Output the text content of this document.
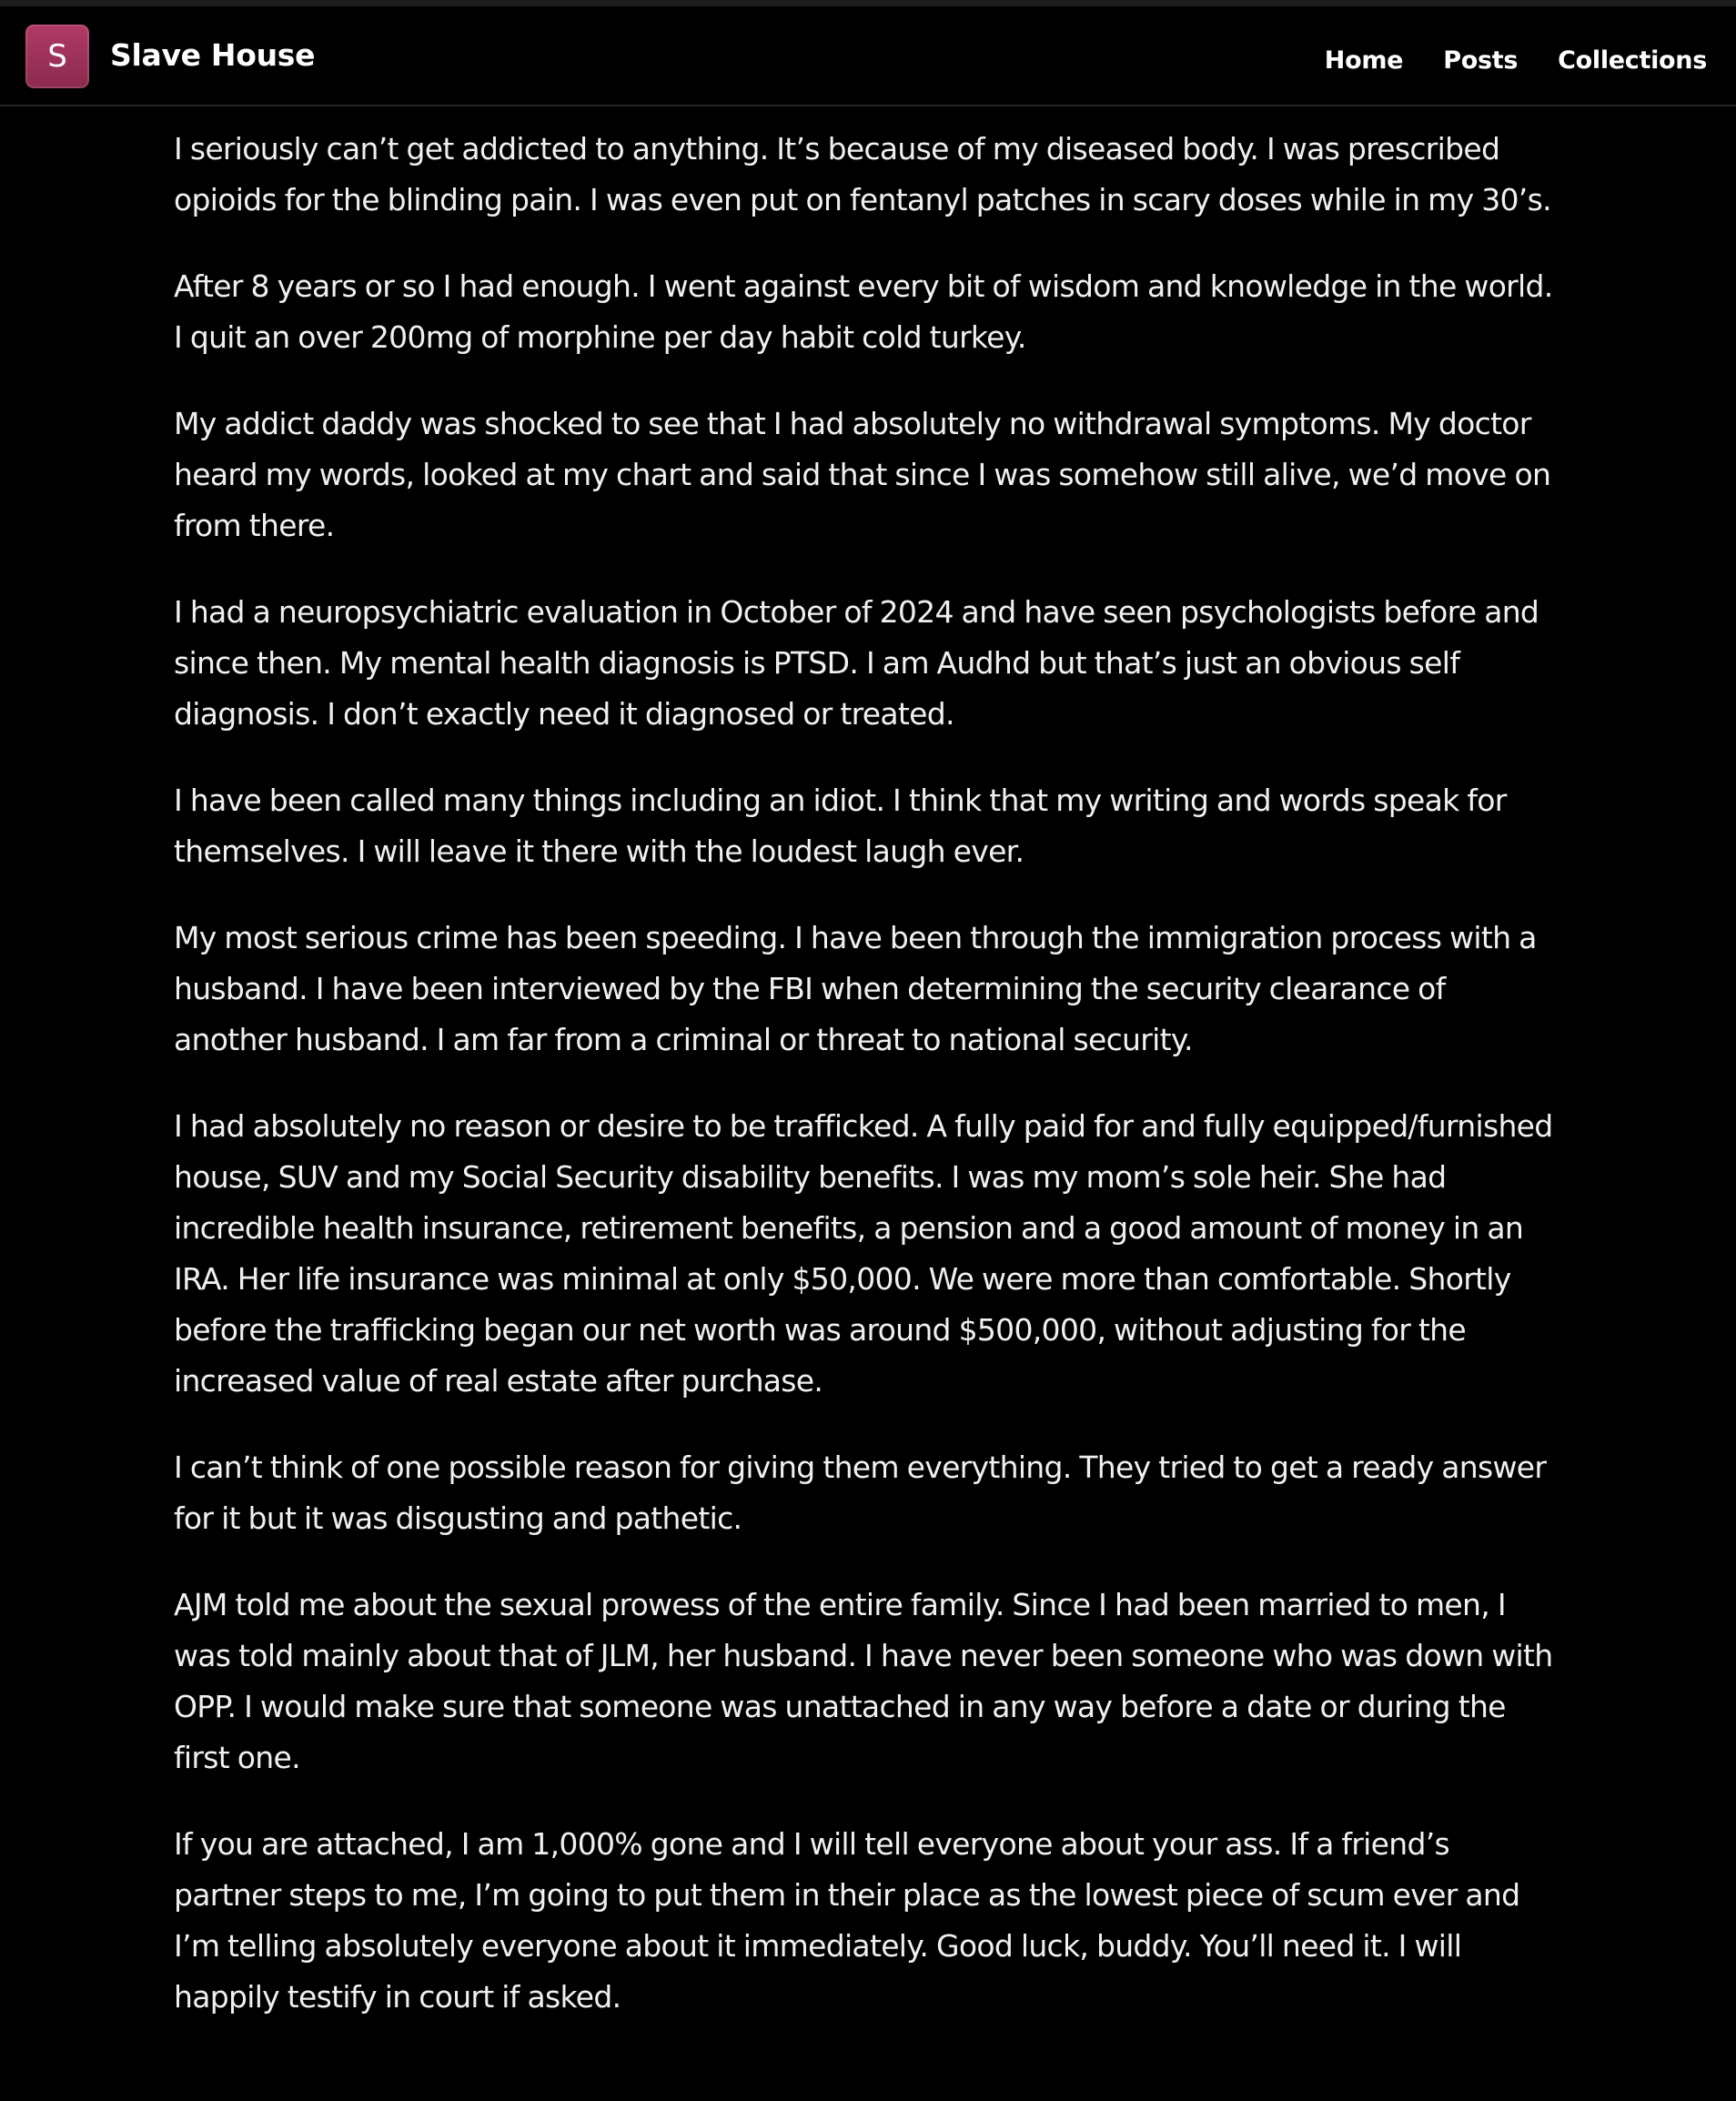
S	Slave House	Home Posts Collections

I seriously can’t get addicted to anything. It’s because of my diseased body. I was prescribed opioids for the blinding pain. I was even put on fentanyl patches in scary doses while in my 30’s.

After 8 years or so I had enough. I went against every bit of wisdom and knowledge in the world. I quit an over 200mg of morphine per day habit cold turkey.

My addict daddy was shocked to see that I had absolutely no withdrawal symptoms. My doctor heard my words, looked at my chart and said that since I was somehow still alive, we’d move on from there.

I had a neuropsychiatric evaluation in October of 2024 and have seen psychologists before and since then. My mental health diagnosis is PTSD. I am Audhd but that’s just an obvious self diagnosis. I don’t exactly need it diagnosed or treated.

I have been called many things including an idiot. I think that my writing and words speak for themselves. I will leave it there with the loudest laugh ever.

My most serious crime has been speeding. I have been through the immigration process with a husband. I have been interviewed by the FBI when determining the security clearance of another husband. I am far from a criminal or threat to national security.

I had absolutely no reason or desire to be trafficked. A fully paid for and fully equipped/furnished house, SUV and my Social Security disability benefits. I was my mom’s sole heir. She had incredible health insurance, retirement benefits, a pension and a good amount of money in an IRA. Her life insurance was minimal at only $50,000. We were more than comfortable. Shortly before the trafficking began our net worth was around $500,000, without adjusting for the increased value of real estate after purchase.

I can’t think of one possible reason for giving them everything. They tried to get a ready answer for it but it was disgusting and pathetic.

AJM told me about the sexual prowess of the entire family. Since I had been married to men, I was told mainly about that of JLM, her husband. I have never been someone who was down with OPP. I would make sure that someone was unattached in any way before a date or during the first one.

If you are attached, I am 1,000% gone and I will tell everyone about your ass. If a friend’s partner steps to me, I’m going to put them in their place as the lowest piece of scum ever and I’m telling absolutely everyone about it immediately. Good luck, buddy. You’ll need it. I will happily testify in court if asked.
